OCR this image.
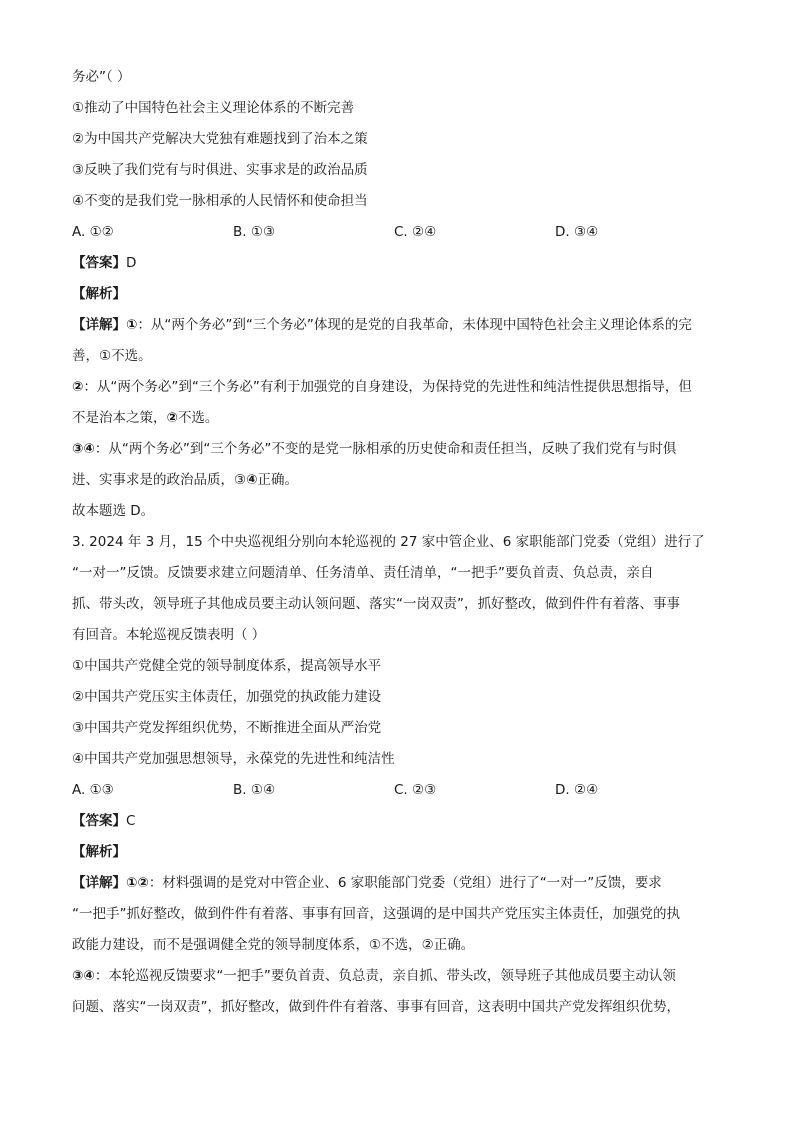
务必”（ ）
①推动了中国特色社会主义理论体系的不断完善
②为中国共产党解决大党独有难题找到了治本之策
③反映了我们党有与时俱进、实事求是的政治品质
④不变的是我们党一脉相承的人民情怀和使命担当
A. ①②	B. ①③	C. ②④	D. ③④
【答案】D
【解析】
【详解】①：从“两个务必”到“三个务必”体现的是党的自我革命，未体现中国特色社会主义理论体系的完
善，①不选。
②：从“两个务必”到“三个务必”有利于加强党的自身建设，为保持党的先进性和纯洁性提供思想指导，但
不是治本之策，②不选。
③④：从“两个务必”到“三个务必”不变的是党一脉相承的历史使命和责任担当，反映了我们党有与时俱
进、实事求是的政治品质，③④正确。
故本题选 D。
3. 2024 年 3 月，15 个中央巡视组分别向本轮巡视的 27 家中管企业、6 家职能部门党委（党组）进行了
“一对一”反馈。反馈要求建立问题清单、任务清单、责任清单，“一把手”要负首责、负总责，亲自
抓、带头改，领导班子其他成员要主动认领问题、落实“一岗双责”，抓好整改，做到件件有着落、事事
有回音。本轮巡视反馈表明（ ）
①中国共产党健全党的领导制度体系，提高领导水平
②中国共产党压实主体责任，加强党的执政能力建设
③中国共产党发挥组织优势，不断推进全面从严治党
④中国共产党加强思想领导，永葆党的先进性和纯洁性
A. ①③	B. ①④	C. ②③	D. ②④
【答案】C
【解析】
【详解】①②：材料强调的是党对中管企业、6 家职能部门党委（党组）进行了“一对一”反馈，要求
“一把手”抓好整改，做到件件有着落、事事有回音，这强调的是中国共产党压实主体责任，加强党的执
政能力建设，而不是强调健全党的领导制度体系，①不选，②正确。
③④：本轮巡视反馈要求“一把手”要负首责、负总责，亲自抓、带头改，领导班子其他成员要主动认领
问题、落实“一岗双责”，抓好整改，做到件件有着落、事事有回音，这表明中国共产党发挥组织优势，
